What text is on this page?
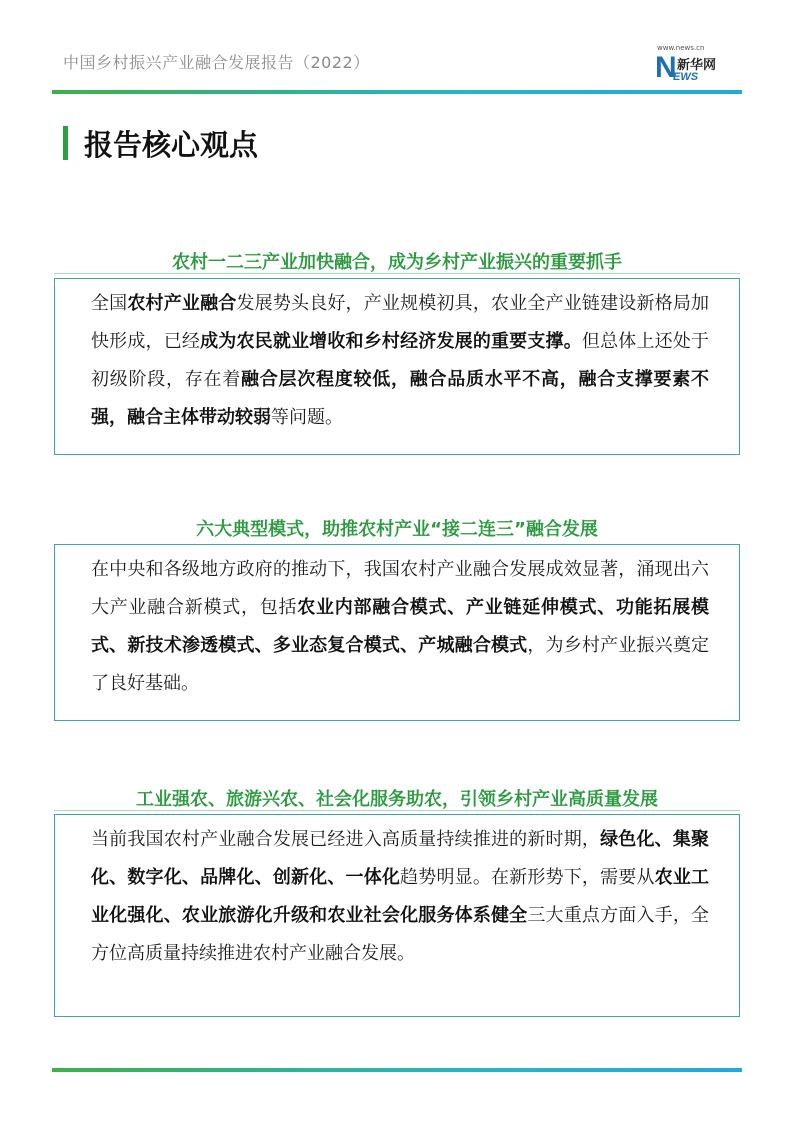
中国乡村振兴产业融合发展报告（2022）
www.news.cn
N 新华网
EWS
报告核心观点
农村一二三产业加快融合，成为乡村产业振兴的重要抓手

全国农村产业融合发展势头良好，产业规模初具，农业全产业链建设新格局加快形成，已经成为农民就业增收和乡村经济发展的重要支撑。但总体上还处于初级阶段，存在着融合层次程度较低，融合品质水平不高，融合支撑要素不强，融合主体带动较弱等问题。

六大典型模式，助推农村产业“接二连三”融合发展

在中央和各级地方政府的推动下，我国农村产业融合发展成效显著，涌现出六大产业融合新模式，包括农业内部融合模式、产业链延伸模式、功能拓展模式、新技术渗透模式、多业态复合模式、产城融合模式，为乡村产业振兴奠定了良好基础。

工业强农、旅游兴农、社会化服务助农，引领乡村产业高质量发展

当前我国农村产业融合发展已经进入高质量持续推进的新时期，绿色化、集聚化、数字化、品牌化、创新化、一体化趋势明显。在新形势下，需要从农业工业化强化、农业旅游化升级和农业社会化服务体系健全三大重点方面入手，全方位高质量持续推进农村产业融合发展。
